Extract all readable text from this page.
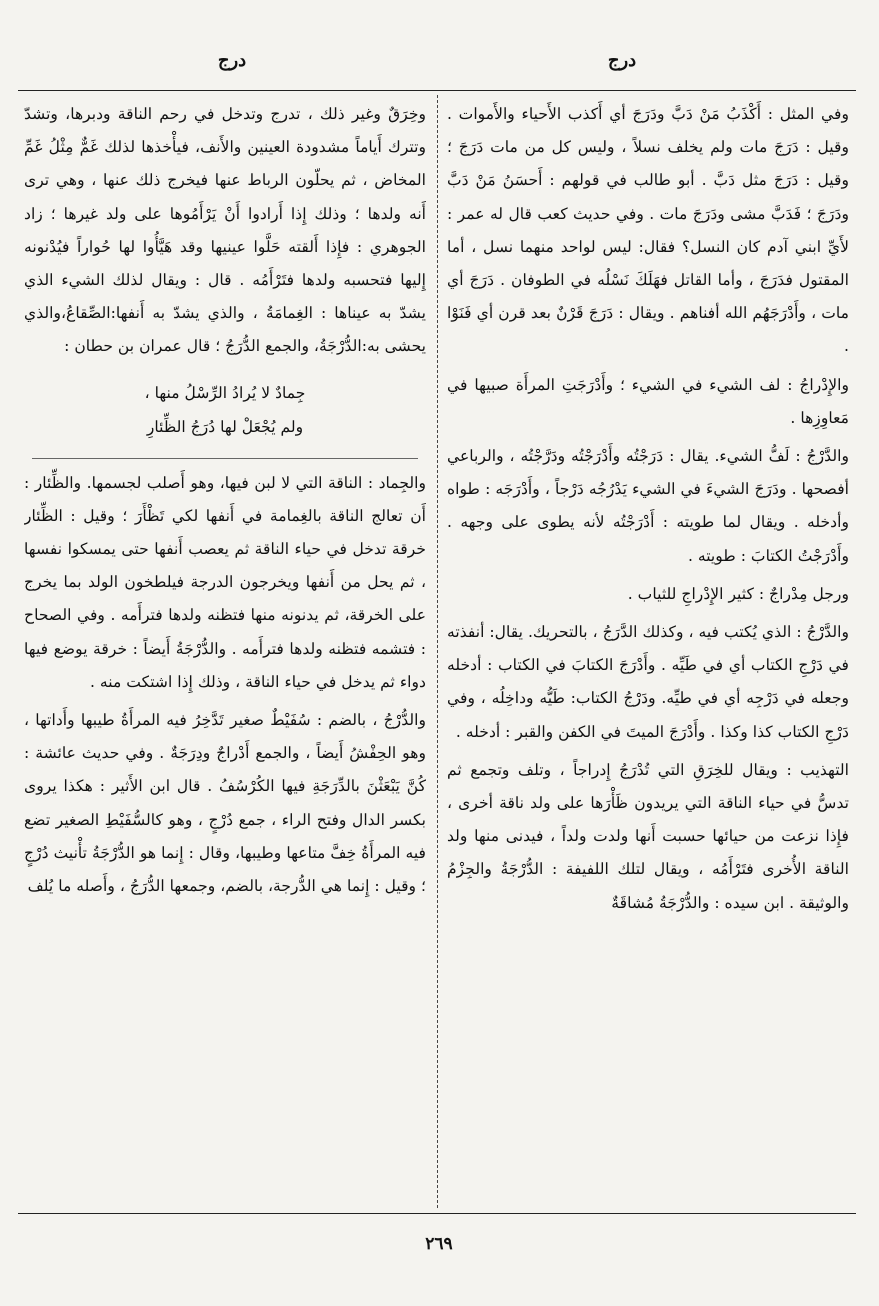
درج
درج

وفي المثل : أَكْذَبُ مَنْ دَبَّ ودَرَجَ أي أَكذب الأَحياء والأَموات . وقيل : دَرَجَ مات ولم يخلف نسلاً ، وليس كل من مات دَرَجَ ؛ وقيل : دَرَجَ مثل دَبَّ . أبو طالب في قولهم : أَحسَنُ مَنْ دَبَّ ودَرَجَ ؛ فَدَبَّ مشى ودَرَجَ مات . وفي حديث كعب قال له عمر : لأَيِّ ابني آدم كان النسل؟ فقال: ليس لواحد منهما نسل ، أما المقتول فدَرَجَ ، وأما القاتل فهَلَكَ نَسْلُه في الطوفان . دَرَجَ أي مات ، وأَدْرَجَهُم الله أفناهم . ويقال : دَرَجَ قَرْنٌ بعد قرن أي فَنَوْا .

والإِدْراجُ : لف الشيء في الشيء ؛ وأَدْرَجَتِ المرأَة صبيها في مَعاوِزِها .

والدَّرْجُ : لَفُّ الشيء. يقال : دَرَجْتُه وأَدْرَجْتُه ودَرَّجْتُه ، والرباعي أفصحها . ودَرَجَ الشيءَ في الشيء يَدْرُجُه دَرْجاً ، وأَدْرَجَه : طواه وأدخله . ويقال لما طويته : أَدْرَجْتُه لأنه يطوى على وجهه . وأَدْرَجْتُ الكتابَ : طويته .

ورجل مِدْراجٌ : كثير الإِدْراجِ للثياب .

والدَّرْجُ : الذي يُكتب فيه ، وكذلك الدَّرَجُ ، بالتحريك. يقال: أنفذته في دَرْجِ الكتاب أي في طَيِّه . وأَدْرَجَ الكتابَ في الكتاب : أدخله وجعله في دَرْجِه أي في طيِّه. ودَرْجُ الكتاب: طَيُّه وداخِلُه ، وفي دَرْجِ الكتاب كذا وكذا . وأَدْرَجَ الميتَ في الكفن والقبر : أدخله .

التهذيب : ويقال للخِرَقِ التي تُدْرَجُ إِدراجاً ، وتلف وتجمع ثم تدسُّ في حياء الناقة التي يريدون ظَأْرَها على ولد ناقة أخرى ، فإِذا نزعت من حيائها حسبت أَنها ولدت ولداً ، فيدنى منها ولد الناقة الأُخرى فتَرْأَمُه ، ويقال لتلك اللفيفة : الدُّرْجَةُ والجِزْمُ والوثيقة . ابن سيده : والدُّرْجَةُ مُشاقَةٌ

وخِرَقٌ وغير ذلك ، تدرج وتدخل في رحم الناقة ودبرها، وتشدّ وتترك أَياماً مشدودة العينين والأَنف، فيأْخذها لذلك غَمٌّ مِثْلُ غَمِّ المخاض ، ثم يحلّون الرباط عنها فيخرج ذلك عنها ، وهي ترى أَنه ولدها ؛ وذلك إِذا أَرادوا أَنْ يَرْأَمُوها على ولد غيرها ؛ زاد الجوهري : فإِذا أَلقته حَلَّوا عينيها وقد هَيَّأُوا لها حُواراً فيُدْنونه إِليها فتحسبه ولدها فتَرْأَمُه . قال : ويقال لذلك الشيء الذي يشدّ به عيناها : الغِمامَةُ ، والذي يشدّ به أَنفها:الصِّقاعُ،والذي يحشى به:الدُّرْجَةُ، والجمع الدُّرَجُ ؛ قال عمران بن حطان :

جِمادٌ لا يُرادُ الرِّسْلُ منها ،
ولم يُجْعَلْ لها دُرَجُ الظِّئارِ

والجِماد : الناقة التي لا لبن فيها، وهو أَصلب لجسمها. والظِّئار : أَن تعالج الناقة بالغِمامة في أَنفها لكي تَظْأَرَ ؛ وقيل : الظِّئار خرقة تدخل في حياء الناقة ثم يعصب أَنفها حتى يمسكوا نفسها ، ثم يحل من أَنفها ويخرجون الدرجة فيلطخون الولد بما يخرج على الخرقة، ثم يدنونه منها فتظنه ولدها فترأَمه . وفي الصحاح : فتشمه فتظنه ولدها فترأَمه . والدُّرْجَةُ أَيضاً : خرقة يوضع فيها دواء ثم يدخل في حياء الناقة ، وذلك إِذا اشتكت منه .

والدُّرْجُ ، بالضم : سُفَيْطٌ صغير تَدَّخِرُ فيه المرأَةُ طيبها وأَداتها ، وهو الحِفْشُ أَيضاً ، والجمع أَدْراجٌ ودِرَجَةٌ . وفي حديث عائشة : كُنَّ يَبْعَثْنَ بالدِّرَجَةِ فيها الكُرْسُفُ . قال ابن الأَثير : هكذا يروى بكسر الدال وفتح الراء ، جمع دُرْجٍ ، وهو كالسُّفَيْطِ الصغير تضع فيه المرأَةُ خِفَّ متاعها وطيبها، وقال : إِنما هو الدُّرْجَةُ تأْنيث دُرْجٍ ؛ وقيل : إِنما هي الدُّرجة، بالضم، وجمعها الدُّرَجُ ، وأَصله ما يُلف

٢٦٩
